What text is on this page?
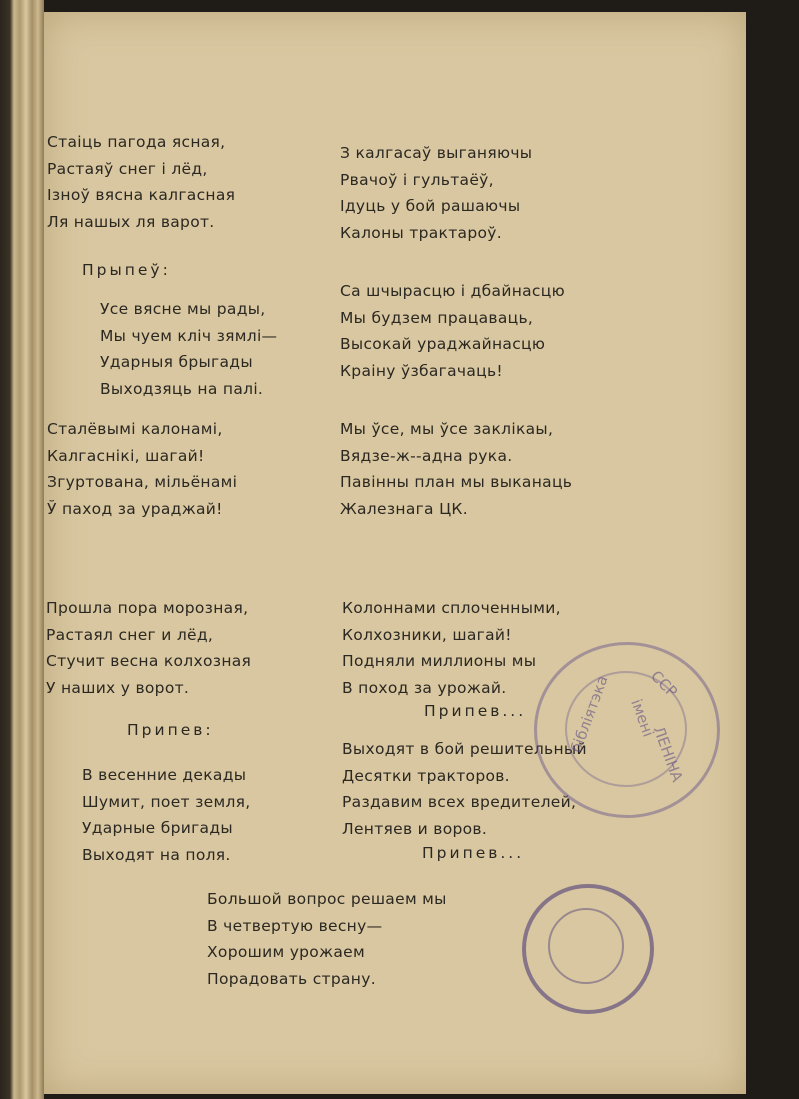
Стаіць пагода ясная,
Растаяў снег і лёд,
Ізноў вясна калгасная
Ля нашых ля варот.
Прыпеў:
Усе вясне мы рады,
Мы чуем кліч зямлі—
Ударныя брыгады
Выходзяць на палі.
Сталёвымі калонамі,
Калгаснікі, шагай!
Згуртована, мільёнамі
Ў паход за ураджай!
З калгасаў выганяючы
Рвачоў і гультаёў,
Ідуць у бой рашаючы
Калоны трактароў.
Са шчырасцю і дбайнасцю
Мы будзем працаваць,
Высокай ураджайнасцю
Краіну ўзбагачаць!
Мы ўсе, мы ўсе заклікаы,
Вядзе-ж--адна рука.
Павінны план мы выканаць
Жалезнага ЦК.
Прошла пора морозная,
Растаял снег и лёд,
Стучит весна колхозная
У наших у ворот.
Припев:
В весенние декады
Шумит, поет земля,
Ударные бригады
Выходят на поля.
Колоннами сплоченными,
Колхозники, шагай!
Подняли миллионы мы
В поход за урожай.
Припев...
Выходят в бой решительный
Десятки тракторов.
Раздавим всех вредителей,
Лентяев и воров.
Припев...
Большой вопрос решаем мы
В четвертую весну—
Хорошим урожаем
Порадовать страну.
бібліятэка імені
ЛЕНІНА
ССР
